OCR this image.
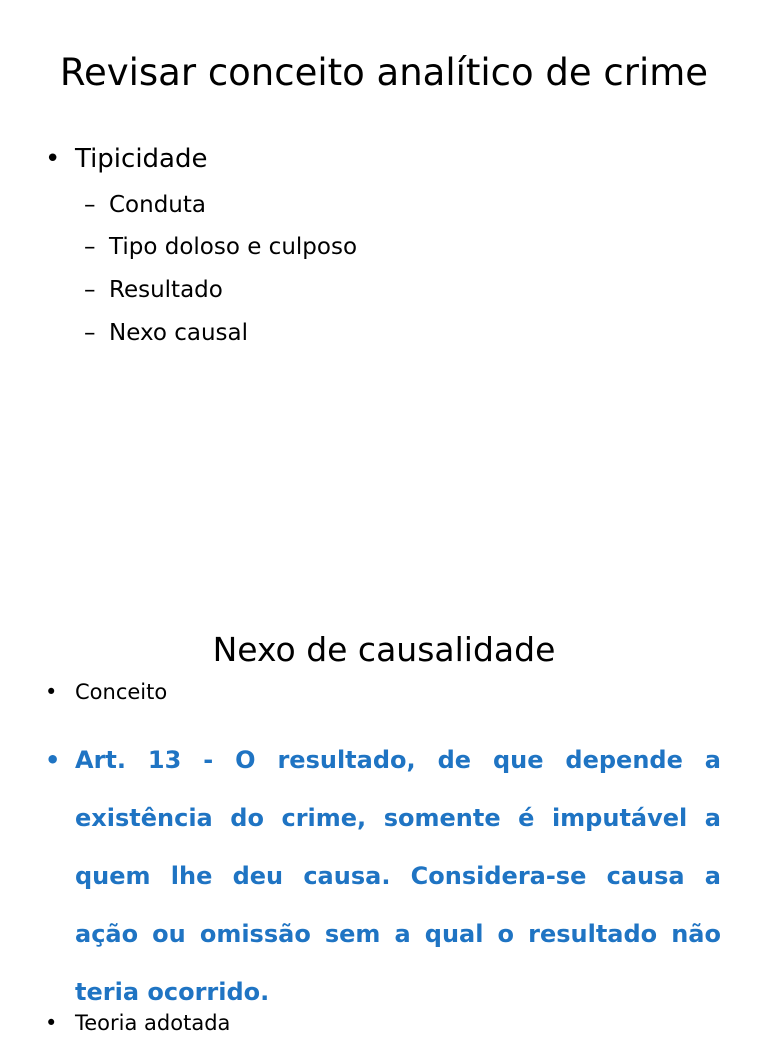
Revisar conceito analítico de crime
• Tipicidade
– Conduta
– Tipo doloso e culposo
– Resultado
– Nexo causal
Nexo de causalidade
• Conceito
• Art. 13 - O resultado, de que depende a existência do crime, somente é imputável a quem lhe deu causa. Considera-se causa a ação ou omissão sem a qual o resultado não teria ocorrido.
• Teoria adotada
